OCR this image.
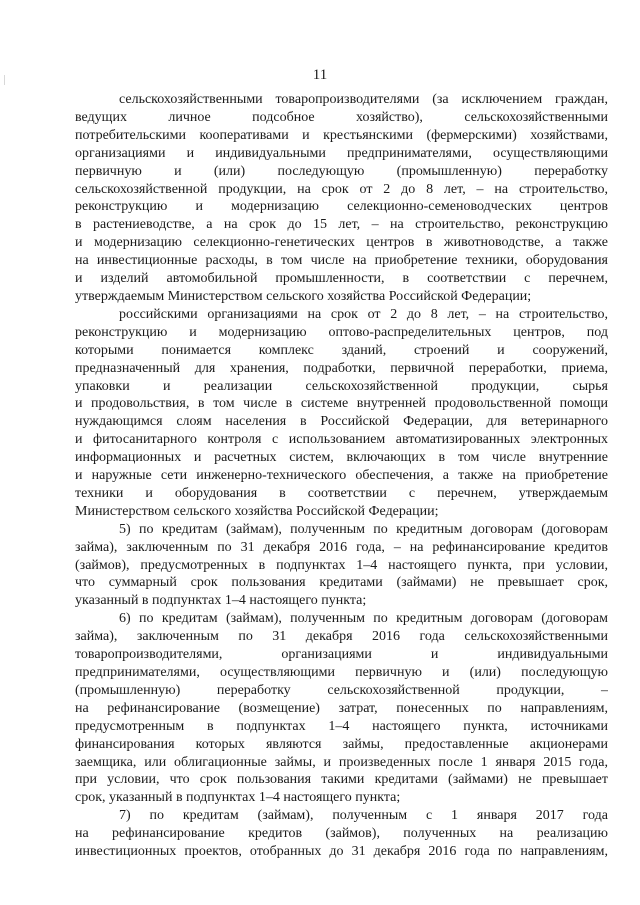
11
сельскохозяйственными товаропроизводителями (за исключением граждан,
ведущих личное подсобное хозяйство), сельскохозяйственными
потребительскими кооперативами и крестьянскими (фермерскими) хозяйствами,
организациями и индивидуальными предпринимателями, осуществляющими
первичную и (или) последующую (промышленную) переработку
сельскохозяйственной продукции, на срок от 2 до 8 лет, – на строительство,
реконструкцию и модернизацию селекционно-семеноводческих центров
в растениеводстве, а на срок до 15 лет, – на строительство, реконструкцию
и модернизацию селекционно-генетических центров в животноводстве, а также
на инвестиционные расходы, в том числе на приобретение техники, оборудования
и изделий автомобильной промышленности, в соответствии с перечнем,
утверждаемым Министерством сельского хозяйства Российской Федерации;
российскими организациями на срок от 2 до 8 лет, – на строительство,
реконструкцию и модернизацию оптово-распределительных центров, под
которыми понимается комплекс зданий, строений и сооружений,
предназначенный для хранения, подработки, первичной переработки, приема,
упаковки и реализации сельскохозяйственной продукции, сырья
и продовольствия, в том числе в системе внутренней продовольственной помощи
нуждающимся слоям населения в Российской Федерации, для ветеринарного
и фитосанитарного контроля с использованием автоматизированных электронных
информационных и расчетных систем, включающих в том числе внутренние
и наружные сети инженерно-технического обеспечения, а также на приобретение
техники и оборудования в соответствии с перечнем, утверждаемым
Министерством сельского хозяйства Российской Федерации;
5) по кредитам (займам), полученным по кредитным договорам (договорам
займа), заключенным по 31 декабря 2016 года, – на рефинансирование кредитов
(займов), предусмотренных в подпунктах 1–4 настоящего пункта, при условии,
что суммарный срок пользования кредитами (займами) не превышает срок,
указанный в подпунктах 1–4 настоящего пункта;
6) по кредитам (займам), полученным по кредитным договорам (договорам
займа), заключенным по 31 декабря 2016 года сельскохозяйственными
товаропроизводителями, организациями и индивидуальными
предпринимателями, осуществляющими первичную и (или) последующую
(промышленную) переработку сельскохозяйственной продукции, –
на рефинансирование (возмещение) затрат, понесенных по направлениям,
предусмотренным в подпунктах 1–4 настоящего пункта, источниками
финансирования которых являются займы, предоставленные акционерами
заемщика, или облигационные займы, и произведенных после 1 января 2015 года,
при условии, что срок пользования такими кредитами (займами) не превышает
срок, указанный в подпунктах 1–4 настоящего пункта;
7) по кредитам (займам), полученным с 1 января 2017 года
на рефинансирование кредитов (займов), полученных на реализацию
инвестиционных проектов, отобранных до 31 декабря 2016 года по направлениям,
